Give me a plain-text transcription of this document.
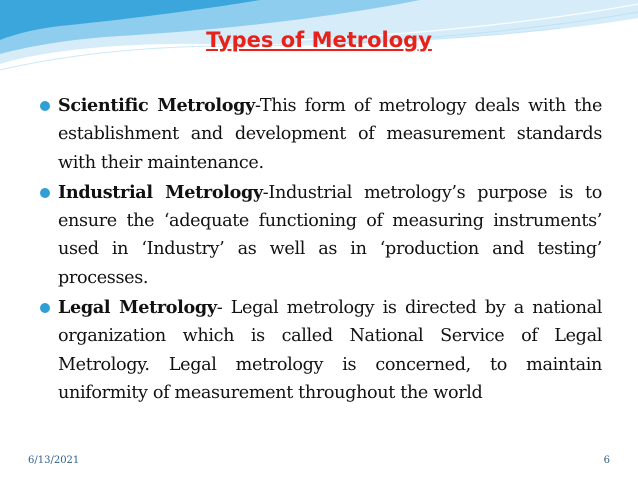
Types of Metrology
Scientific Metrology-This form of metrology deals with the establishment and development of measurement standards with their maintenance.
Industrial Metrology-Industrial metrology’s purpose is to ensure the ‘adequate functioning of measuring instruments’ used in ‘Industry’ as well as in ‘production and testing’ processes.
Legal Metrology- Legal metrology is directed by a national organization which is called National Service of Legal Metrology. Legal metrology is concerned, to maintain uniformity of measurement throughout the world
6/13/2021	6
